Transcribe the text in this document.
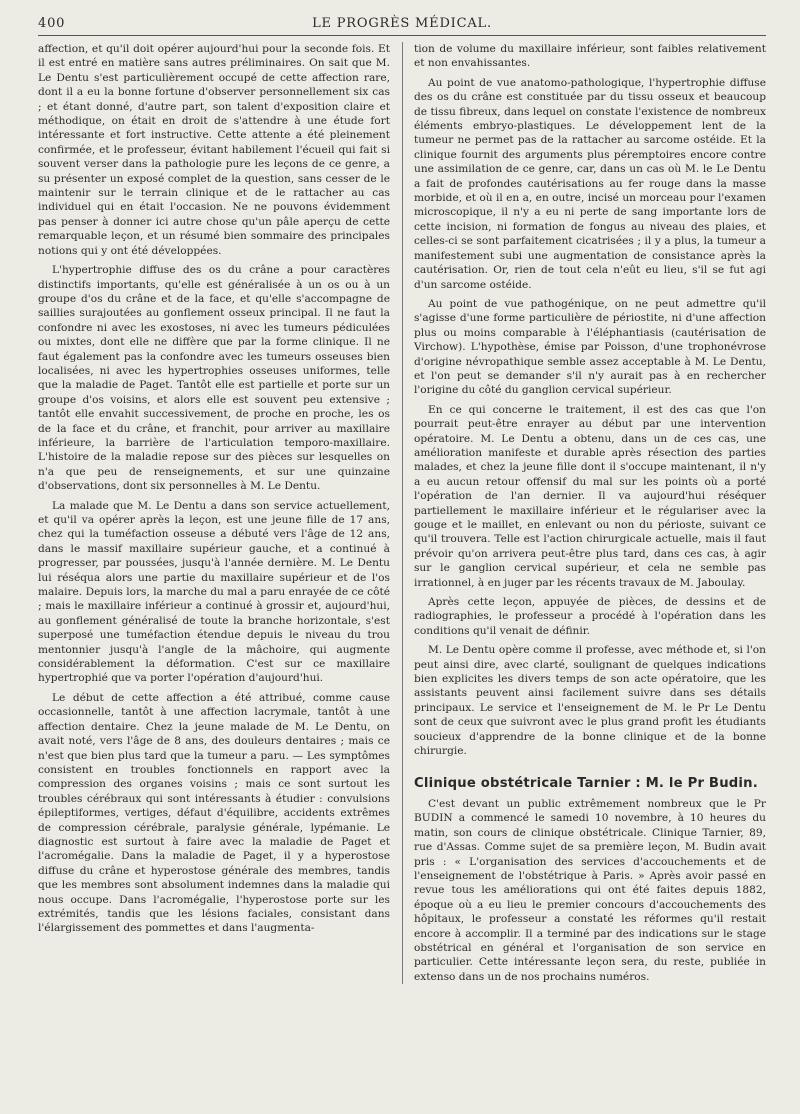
400	LE PROGRÈS MÉDICAL.

affection, et qu'il doit opérer aujourd'hui pour la seconde fois. Et il est entré en matière sans autres préliminaires. On sait que M. Le Dentu s'est particulièrement occupé de cette affection rare, dont il a eu la bonne fortune d'observer personnellement six cas ; et étant donné, d'autre part, son talent d'exposition claire et méthodique, on était en droit de s'attendre à une étude fort intéressante et fort instructive. Cette attente a été pleinement confirmée, et le professeur, évitant habilement l'écueil qui fait si souvent verser dans la pathologie pure les leçons de ce genre, a su présenter un exposé complet de la question, sans cesser de le maintenir sur le terrain clinique et de le rattacher au cas individuel qui en était l'occasion. Ne ne pouvons évidemment pas penser à donner ici autre chose qu'un pâle aperçu de cette remarquable leçon, et un résumé bien sommaire des principales notions qui y ont été développées.

L'hypertrophie diffuse des os du crâne a pour caractères distinctifs importants, qu'elle est généralisée à un os ou à un groupe d'os du crâne et de la face, et qu'elle s'accompagne de saillies surajoutées au gonflement osseux principal. Il ne faut la confondre ni avec les exostoses, ni avec les tumeurs pédiculées ou mixtes, dont elle ne diffère que par la forme clinique. Il ne faut également pas la confondre avec les tumeurs osseuses bien localisées, ni avec les hypertrophies osseuses uniformes, telle que la maladie de Paget. Tantôt elle est partielle et porte sur un groupe d'os voisins, et alors elle est souvent peu extensive ; tantôt elle envahit successivement, de proche en proche, les os de la face et du crâne, et franchit, pour arriver au maxillaire inférieure, la barrière de l'articulation temporo-maxillaire. L'histoire de la maladie repose sur des pièces sur lesquelles on n'a que peu de renseignements, et sur une quinzaine d'observations, dont six personnelles à M. Le Dentu.

La malade que M. Le Dentu a dans son service actuellement, et qu'il va opérer après la leçon, est une jeune fille de 17 ans, chez qui la tuméfaction osseuse a débuté vers l'âge de 12 ans, dans le massif maxillaire supérieur gauche, et a continué à progresser, par poussées, jusqu'à l'année dernière. M. Le Dentu lui réséqua alors une partie du maxillaire supérieur et de l'os malaire. Depuis lors, la marche du mal a paru enrayée de ce côté ; mais le maxillaire inférieur a continué à grossir et, aujourd'hui, au gonflement généralisé de toute la branche horizontale, s'est superposé une tuméfaction étendue depuis le niveau du trou mentonnier jusqu'à l'angle de la mâchoire, qui augmente considérablement la déformation. C'est sur ce maxillaire hypertrophié que va porter l'opération d'aujourd'hui.

Le début de cette affection a été attribué, comme cause occasionnelle, tantôt à une affection lacrymale, tantôt à une affection dentaire. Chez la jeune malade de M. Le Dentu, on avait noté, vers l'âge de 8 ans, des douleurs dentaires ; mais ce n'est que bien plus tard que la tumeur a paru. — Les symptômes consistent en troubles fonctionnels en rapport avec la compression des organes voisins ; mais ce sont surtout les troubles cérébraux qui sont intéressants à étudier : convulsions épileptiformes, vertiges, défaut d'équilibre, accidents extrêmes de compression cérébrale, paralysie générale, lypémanie. Le diagnostic est surtout à faire avec la maladie de Paget et l'acromégalie. Dans la maladie de Paget, il y a hyperostose diffuse du crâne et hyperostose générale des membres, tandis que les membres sont absolument indemnes dans la maladie qui nous occupe. Dans l'acromégalie, l'hyperostose porte sur les extrémités, tandis que les lésions faciales, consistant dans l'élargissement des pommettes et dans l'augmenta-

tion de volume du maxillaire inférieur, sont faibles relativement et non envahissantes.

Au point de vue anatomo-pathologique, l'hypertrophie diffuse des os du crâne est constituée par du tissu osseux et beaucoup de tissu fibreux, dans lequel on constate l'existence de nombreux éléments embryo-plastiques. Le développement lent de la tumeur ne permet pas de la rattacher au sarcome ostéide. Et la clinique fournit des arguments plus péremptoires encore contre une assimilation de ce genre, car, dans un cas où M. le Le Dentu a fait de profondes cautérisations au fer rouge dans la masse morbide, et où il en a, en outre, incisé un morceau pour l'examen microscopique, il n'y a eu ni perte de sang importante lors de cette incision, ni formation de fongus au niveau des plaies, et celles-ci se sont parfaitement cicatrisées ; il y a plus, la tumeur a manifestement subi une augmentation de consistance après la cautérisation. Or, rien de tout cela n'eût eu lieu, s'il se fut agi d'un sarcome ostéide.

Au point de vue pathogénique, on ne peut admettre qu'il s'agisse d'une forme particulière de périostite, ni d'une affection plus ou moins comparable à l'éléphantiasis (cautérisation de Virchow). L'hypothèse, émise par Poisson, d'une trophonévrose d'origine névropathique semble assez acceptable à M. Le Dentu, et l'on peut se demander s'il n'y aurait pas à en rechercher l'origine du côté du ganglion cervical supérieur.

En ce qui concerne le traitement, il est des cas que l'on pourrait peut-être enrayer au début par une intervention opératoire. M. Le Dentu a obtenu, dans un de ces cas, une amélioration manifeste et durable après résection des parties malades, et chez la jeune fille dont il s'occupe maintenant, il n'y a eu aucun retour offensif du mal sur les points où a porté l'opération de l'an dernier. Il va aujourd'hui réséquer partiellement le maxillaire inférieur et le régulariser avec la gouge et le maillet, en enlevant ou non du périoste, suivant ce qu'il trouvera. Telle est l'action chirurgicale actuelle, mais il faut prévoir qu'on arrivera peut-être plus tard, dans ces cas, à agir sur le ganglion cervical supérieur, et cela ne semble pas irrationnel, à en juger par les récents travaux de M. Jaboulay.

Après cette leçon, appuyée de pièces, de dessins et de radiographies, le professeur a procédé à l'opération dans les conditions qu'il venait de définir.

M. Le Dentu opère comme il professe, avec méthode et, si l'on peut ainsi dire, avec clarté, soulignant de quelques indications bien explicites les divers temps de son acte opératoire, que les assistants peuvent ainsi facilement suivre dans ses détails principaux. Le service et l'enseignement de M. le Pr Le Dentu sont de ceux que suivront avec le plus grand profit les étudiants soucieux d'apprendre de la bonne clinique et de la bonne chirurgie.

Clinique obstétricale Tarnier : M. le Pr Budin.

C'est devant un public extrêmement nombreux que le Pr BUDIN a commencé le samedi 10 novembre, à 10 heures du matin, son cours de clinique obstétricale. Clinique Tarnier, 89, rue d'Assas. Comme sujet de sa première leçon, M. Budin avait pris : « L'organisation des services d'accouchements et de l'enseignement de l'obstétrique à Paris. » Après avoir passé en revue tous les améliorations qui ont été faites depuis 1882, époque où a eu lieu le premier concours d'accouchements des hôpitaux, le professeur a constaté les réformes qu'il restait encore à accomplir. Il a terminé par des indications sur le stage obstétrical en général et l'organisation de son service en particulier. Cette intéressante leçon sera, du reste, publiée in extenso dans un de nos prochains numéros.
